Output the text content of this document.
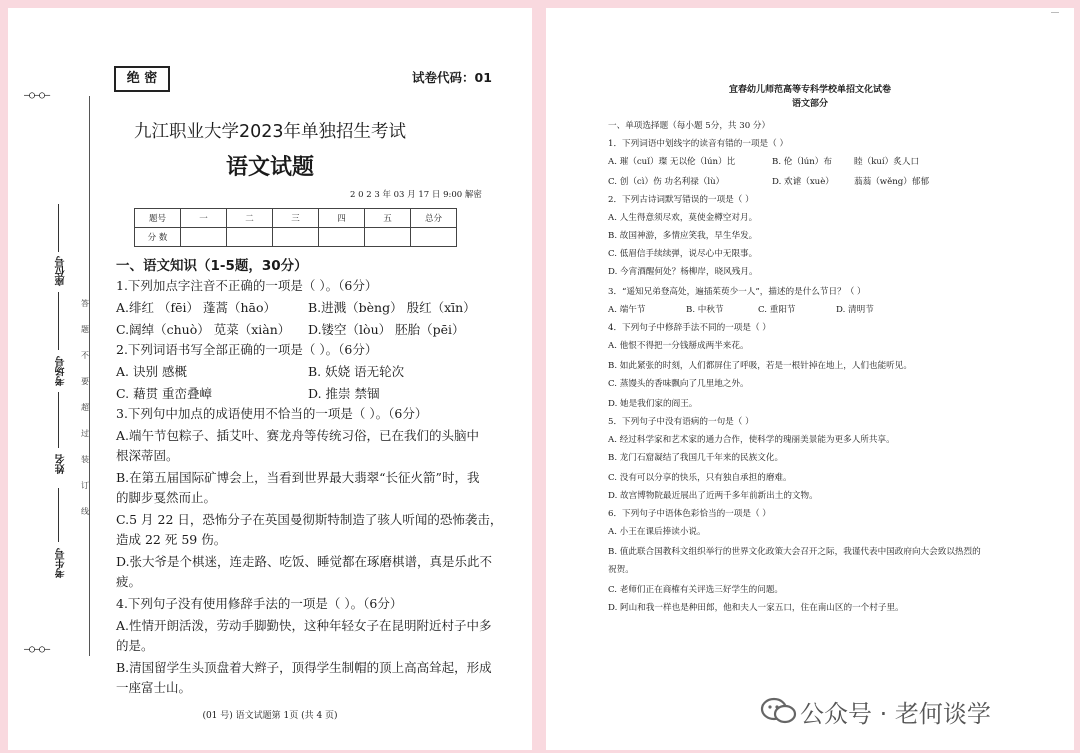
—○—○—
—○—○—
座位号
考场号
姓名
考生号
答
题
不
要
超
过
装
订
线
绝 密	试卷代码：01
九江职业大学2023年单独招生考试
语文试题
2 0 2 3 年 03 月 17 日 9:00 解密
题号	一	二	三	四	五	总分
分 数						
一、语文知识（1-5题，30分）
1.下列加点字注音不正确的一项是（ ）。（6分）
A.绯红 （fēi） 蓬蒿（hāo）	B.进溅（bèng） 殷红（xīn）
C.阔绰（chuò） 苋菜（xiàn） D.镂空（lòu） 胚胎（pēi）
2.下列词语书写全部正确的一项是（ ）。（6分）
A. 诀别 感概	B. 妖娆 语无轮次
C. 藉贯 重峦叠嶂	D. 推崇 禁锢
3.下列句中加点的成语使用不恰当的一项是（ ）。（6分）
A.端午节包粽子、插艾叶、赛龙舟等传统习俗，已在我们的头脑中
根深蒂固。
B.在第五届国际矿博会上，当看到世界最大翡翠“长征火箭”时，我
的脚步戛然而止。
C.5 月 22 日，恐怖分子在英国曼彻斯特制造了骇人听闻的恐怖袭击，
造成 22 死 59 伤。
D.张大爷是个棋迷，连走路、吃饭、睡觉都在琢磨棋谱，真是乐此不
疲。
4.下列句子没有使用修辞手法的一项是（ ）。（6分）
A.性情开朗活泼，劳动手脚勤快，这种年轻女子在昆明附近村子中多
的是。
B.清国留学生头顶盘着大辫子，顶得学生制帽的顶上高高耸起，形成
一座富士山。
(01 号) 语文试题第 1页 (共 4 页)
宜春幼儿师范高等专科学校单招文化试卷
语文部分
一、单项选择题（每小题 5分，共 30 分）
1．下列词语中划线字的读音有错的一项是（ ）
A. 璀（cuǐ）璨 无以伦（lún）比	B. 伦（lún）布	睦（kuí）炙人口
C. 创（cì）伤 功名利禄（lù）	D. 欢谑（xuè） 蓊蓊（wěng）郁郁
2．下列古诗词默写错误的一项是（ ）
A. 人生得意须尽欢，莫使金樽空对月。
B. 故国神游，多情应笑我，早生华发。
C. 低眉信手续续弹，说尽心中无限事。
D. 今宵酒醒何处？杨柳岸，晓风残月。
3．“遥知兄弟登高处，遍插茱萸少一人”，描述的是什么节日？（ ）
A. 端午节	B. 中秋节	C. 重阳节	D. 清明节
4．下列句子中修辞手法不同的一项是（ ）
A. 他恨不得把一分钱掰成两半来花。
B. 如此紧张的时刻，人们都屏住了呼吸，若是一根针掉在地上，人们也能听见。
C. 蒸馒头的香味飘向了几里地之外。
D. 她是我们家的阎王。
5．下列句子中没有语病的一句是（ ）
A. 经过科学家和艺术家的通力合作，使科学的瑰丽美景能为更多人所共享。
B. 龙门石窟凝结了我国几千年来的民族文化。
C. 没有可以分享的快乐，只有独自承担的磨难。
D. 故宫博物院最近展出了近两千多年前新出土的文物。
6．下列句子中语体色彩恰当的一项是（ ）
A. 小王在课后捧读小说。
B. 值此联合国教科文组织举行的世界文化政策大会召开之际，我谨代表中国政府向大会致以热烈的
祝贺。
C. 老师们正在商榷有关评选三好学生的问题。
D. 阿山和我一样也是种田郎，他和夫人一家五口，住在南山区的一个村子里。
公众号 · 老何谈学
